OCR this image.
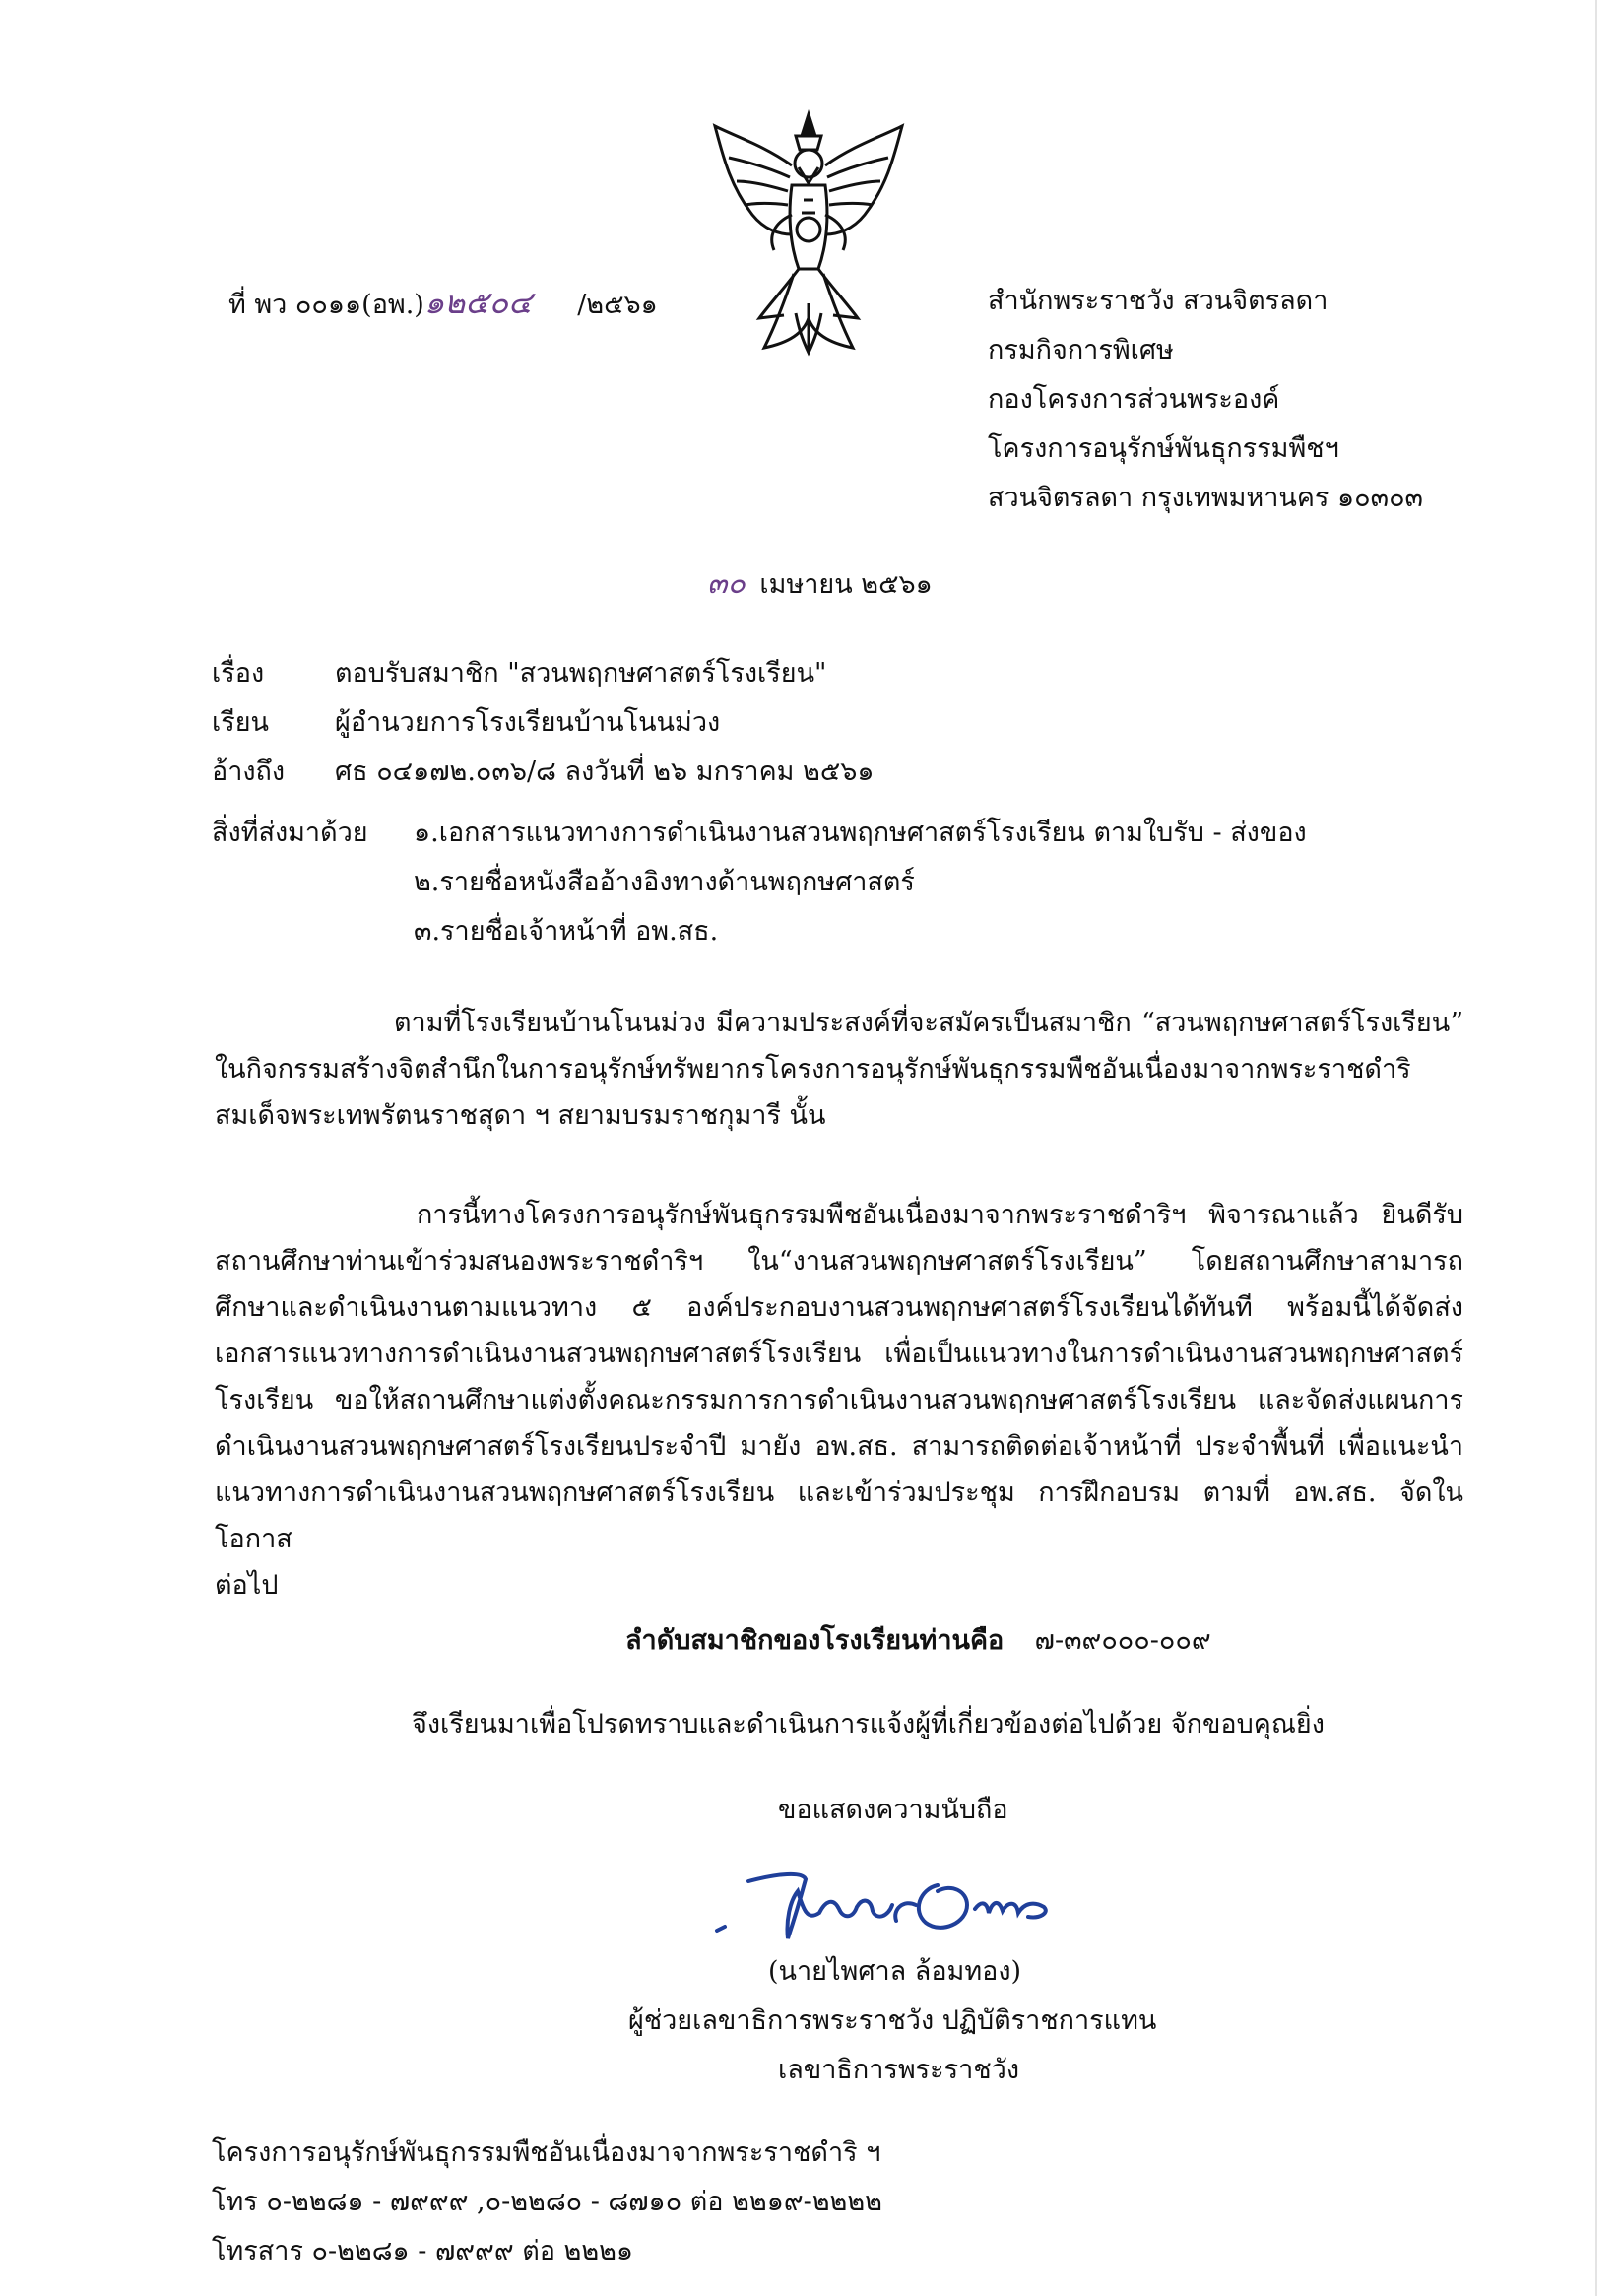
ที่ พว ๐๐๑๑(อพ.)๑๒๕๐๔ /๒๕๖๑	สำนักพระราชวัง สวนจิตรลดา
กรมกิจการพิเศษ
กองโครงการส่วนพระองค์
โครงการอนุรักษ์พันธุกรรมพืชฯ
สวนจิตรลดา กรุงเทพมหานคร ๑๐๓๐๓
๓๐ เมษายน ๒๕๖๑
เรื่อง	ตอบรับสมาชิก "สวนพฤกษศาสตร์โรงเรียน"
เรียน ผู้อำนวยการโรงเรียนบ้านโนนม่วง
อ้างถึง ศธ ๐๔๑๗๒.๐๓๖/๘ ลงวันที่ ๒๖ มกราคม ๒๕๖๑
สิ่งที่ส่งมาด้วย ๑.เอกสารแนวทางการดำเนินงานสวนพฤกษศาสตร์โรงเรียน ตามใบรับ - ส่งของ
๒.รายชื่อหนังสืออ้างอิงทางด้านพฤกษศาสตร์
๓.รายชื่อเจ้าหน้าที่ อพ.สธ.
ตามที่โรงเรียนบ้านโนนม่วง มีความประสงค์ที่จะสมัครเป็นสมาชิก “สวนพฤกษศาสตร์โรงเรียน”
ในกิจกรรมสร้างจิตสำนึกในการอนุรักษ์ทรัพยากรโครงการอนุรักษ์พันธุกรรมพืชอันเนื่องมาจากพระราชดำริ
สมเด็จพระเทพรัตนราชสุดา ฯ สยามบรมราชกุมารี นั้น
การนี้ทางโครงการอนุรักษ์พันธุกรรมพืชอันเนื่องมาจากพระราชดำริฯ พิจารณาแล้ว ยินดีรับ
สถานศึกษาท่านเข้าร่วมสนองพระราชดำริฯ ใน“งานสวนพฤกษศาสตร์โรงเรียน” โดยสถานศึกษาสามารถ
ศึกษาและดำเนินงานตามแนวทาง ๕ องค์ประกอบงานสวนพฤกษศาสตร์โรงเรียนได้ทันที พร้อมนี้ได้จัดส่ง
เอกสารแนวทางการดำเนินงานสวนพฤกษศาสตร์โรงเรียน เพื่อเป็นแนวทางในการดำเนินงานสวนพฤกษศาสตร์
โรงเรียน ขอให้สถานศึกษาแต่งตั้งคณะกรรมการการดำเนินงานสวนพฤกษศาสตร์โรงเรียน และจัดส่งแผนการ
ดำเนินงานสวนพฤกษศาสตร์โรงเรียนประจำปี มายัง อพ.สธ. สามารถติดต่อเจ้าหน้าที่ ประจำพื้นที่ เพื่อแนะนำ
แนวทางการดำเนินงานสวนพฤกษศาสตร์โรงเรียน และเข้าร่วมประชุม การฝึกอบรม ตามที่ อพ.สธ. จัดในโอกาส
ต่อไป
ลำดับสมาชิกของโรงเรียนท่านคือ ๗-๓๙๐๐๐-๐๐๙
จึงเรียนมาเพื่อโปรดทราบและดำเนินการแจ้งผู้ที่เกี่ยวข้องต่อไปด้วย จักขอบคุณยิ่ง
ขอแสดงความนับถือ
(นายไพศาล ล้อมทอง)
ผู้ช่วยเลขาธิการพระราชวัง ปฏิบัติราชการแทน
เลขาธิการพระราชวัง
โครงการอนุรักษ์พันธุกรรมพืชอันเนื่องมาจากพระราชดำริ ฯ
โทร ๐-๒๒๘๑ - ๗๙๙๙ ,๐-๒๒๘๐ - ๘๗๑๐ ต่อ ๒๒๑๙-๒๒๒๒
โทรสาร ๐-๒๒๘๑ - ๗๙๙๙ ต่อ ๒๒๒๑
